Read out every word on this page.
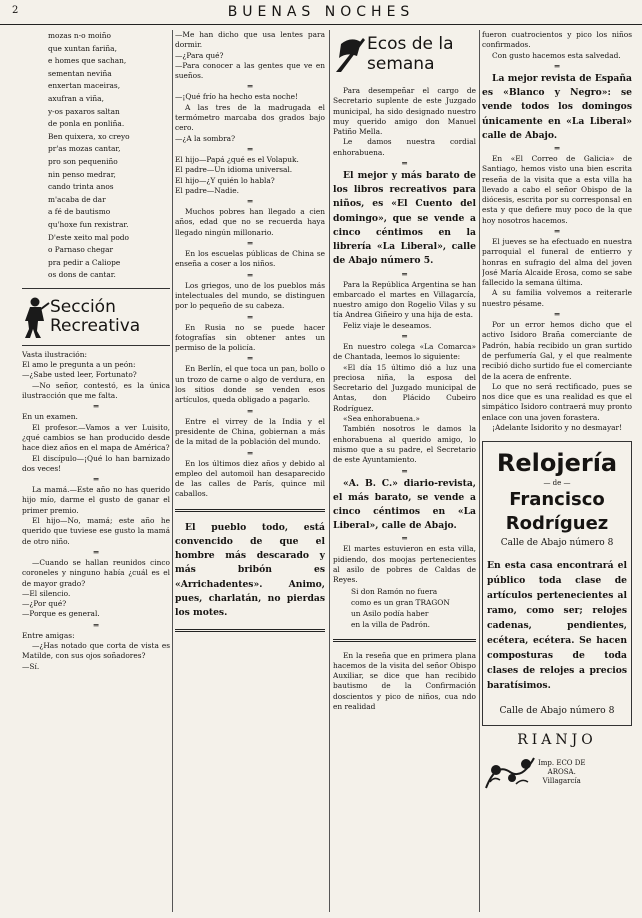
2	BUENAS NOCHES

mozas n-o moiño

que xuntan fariña,

e homes que sachan,

sementan neviña

enxertan maceiras,

axufran a viña,

y-os paxaros saltan

de ponla en ponliña.

Ben quixera, xo creyo

pr'as mozas cantar,

pro son pequeniño

nin penso medrar,

cando trinta anos

m'acaba de dar

a fé de bautismo

qu'hoxe fun rexistrar.

D'este xeito mal podo

o Parnaso chegar

pra pedir a Caliope

os dons de cantar.

Sección
Recreativa

Vasta ilustración:

El amo le pregunta a un peón:

—¿Sabe usted leer, Fortunato?

—No señor, contestó, es la única ilustracción que me falta.

═

En un examen.

El profesor.—Vamos a ver Luisito, ¿qué cambios se han producido desde hace diez años en el mapa de América?

El discípulo—¡Qué lo han barnizado dos veces!

═

La mamá.—Este año no has querido hijo mío, darme el gusto de ganar el primer premio.

El hijo—No, mamá; este año he querido que tuviese ese gusto la mamá de otro niño.

═

—Cuando se hallan reunidos cinco coroneles y ninguno había ¿cuál es el de mayor grado?

—El silencio.

—¿Por qué?

—Porque es general.

═

Entre amigas:

—¿Has notado que corta de vista es Matilde, con sus ojos soñadores?

—Sí.

—Me han dicho que usa lentes para dormir.

—¿Para qué?

—Para conocer a las gentes que ve en sueños.

═

—¡Qué frío ha hecho esta noche!

A las tres de la madrugada el termómetro marcaba dos grados bajo cero.

—¿A la sombra?

═

El hijo—Papá ¿qué es el Volapuk.

El padre—Un idioma universal.

El hijo—¿Y quién lo habla?

El padre—Nadie.

═

Muchos pobres han llegado a cien años, edad que no se recuerda haya llegado ningún millonario.

═

En los escuelas públicas de China se enseña a coser a los niños.

═

Los griegos, uno de los pueblos más intelectuales del mundo, se distinguen por lo pequeño de su cabeza.

═

En Rusia no se puede hacer fotografías sin obtener antes un permiso de la policía.

═

En Berlín, el que toca un pan, bollo o un trozo de carne o algo de verdura, en los sitios donde se venden esos artículos, queda obligado a pagarlo.

═

Entre el virrey de la India y el presidente de China, gobiernan a más de la mitad de la población del mundo.

═

En los últimos diez años y debido al empleo del automoil han desaparecido de las calles de París, quince mil caballos.

El pueblo todo, está convencido de que el hombre más descarado y más bribón es «Arrichadentes». Animo, pues, charlatán, no pierdas los motes.

Ecos de la
semana

Para desempeñar el cargo de Secretario suplente de este Juzgado municipal, ha sido designado nuestro muy querido amigo don Manuel Patiño Mella.

Le damos nuestra cordial enhorabuena.

═

El mejor y más barato de los libros recreativos para niños, es «El Cuento del domingo», que se vende a cinco céntimos en la librería «La Liberal», calle de Abajo número 5.

═

Para la República Argentina se han embarcado el martes en Villagarcía, nuestro amigo don Rogelio Vilas y su tía Andrea Giñeiro y una hija de esta.

Feliz viaje le deseamos.

═

En nuestro colega «La Comarca» de Chantada, leemos lo siguiente:

«El día 15 último dió a luz una preciosa niña, la esposa del Secretario del Juzgado municipal de Antas, don Plácido Cubeiro Rodríguez.

«Sea enhorabuena.»

También nosotros le damos la enhorabuena al querido amigo, lo mismo que a su padre, el Secretario de este Ayuntamiento.

═

«A. B. C.» diario-revista, el más barato, se vende a cinco céntimos en «La Liberal», calle de Abajo.

═

El martes estuvieron en esta villa, pidiendo, dos moojas pertenecientes al asilo de pobres de Caldas de Reyes.

Si don Ramón no fuera

como es un gran TRAGON

un Asilo podía haber

en la villa de Padrón.

En la reseña que en primera plana hacemos de la visita del señor Obispo Auxiliar, se dice que han recibido bautismo de la Confirmación doscientos y pico de niños, cua ndo en realidad

fueron cuatrocientos y pico los niños confirmados.

Con gusto hacemos esta salvedad.

═

La mejor revista de España es «Blanco y Negro»: se vende todos los domingos únicamente en «La Liberal» calle de Abajo.

═

En «El Correo de Galicia» de Santiago, hemos visto una bien escrita reseña de la visita que a esta villa ha llevado a cabo el señor Obispo de la diócesis, escrita por su corresponsal en esta y que defiere muy poco de la que hoy nosotros hacemos.

═

El jueves se ha efectuado en nuestra parroquial el funeral de entierro y honras en sufragio del alma del joven José María Alcaide Erosa, como se sabe fallecido la semana última.

A su familia volvemos a reiterarle nuestro pésame.

═

Por un error hemos dicho que el activo Isidoro Braña comerciante de Padrón, había recibido un gran surtido de perfumería Gal, y el que realmente recibió dicho surtido fue el comerciante de la acera de enfrente.

Lo que no será rectificado, pues se nos dice que es una realidad es que el simpático Isidoro contraerá muy pronto enlace con una joven forastera.

¡Adelante Isidorito y no desmayar!

Relojería
— de —
Francisco Rodríguez
Calle de Abajo número 8
En esta casa encontrará el público toda clase de artículos pertenecientes al ramo, como ser; relojes cadenas, pendientes, ecétera, ecétera. Se hacen composturas de toda clases de relojes a precios baratísimos.
Calle de Abajo número 8
RIANJO
Imp. ECO DE
AROSA.
Villagarcía
